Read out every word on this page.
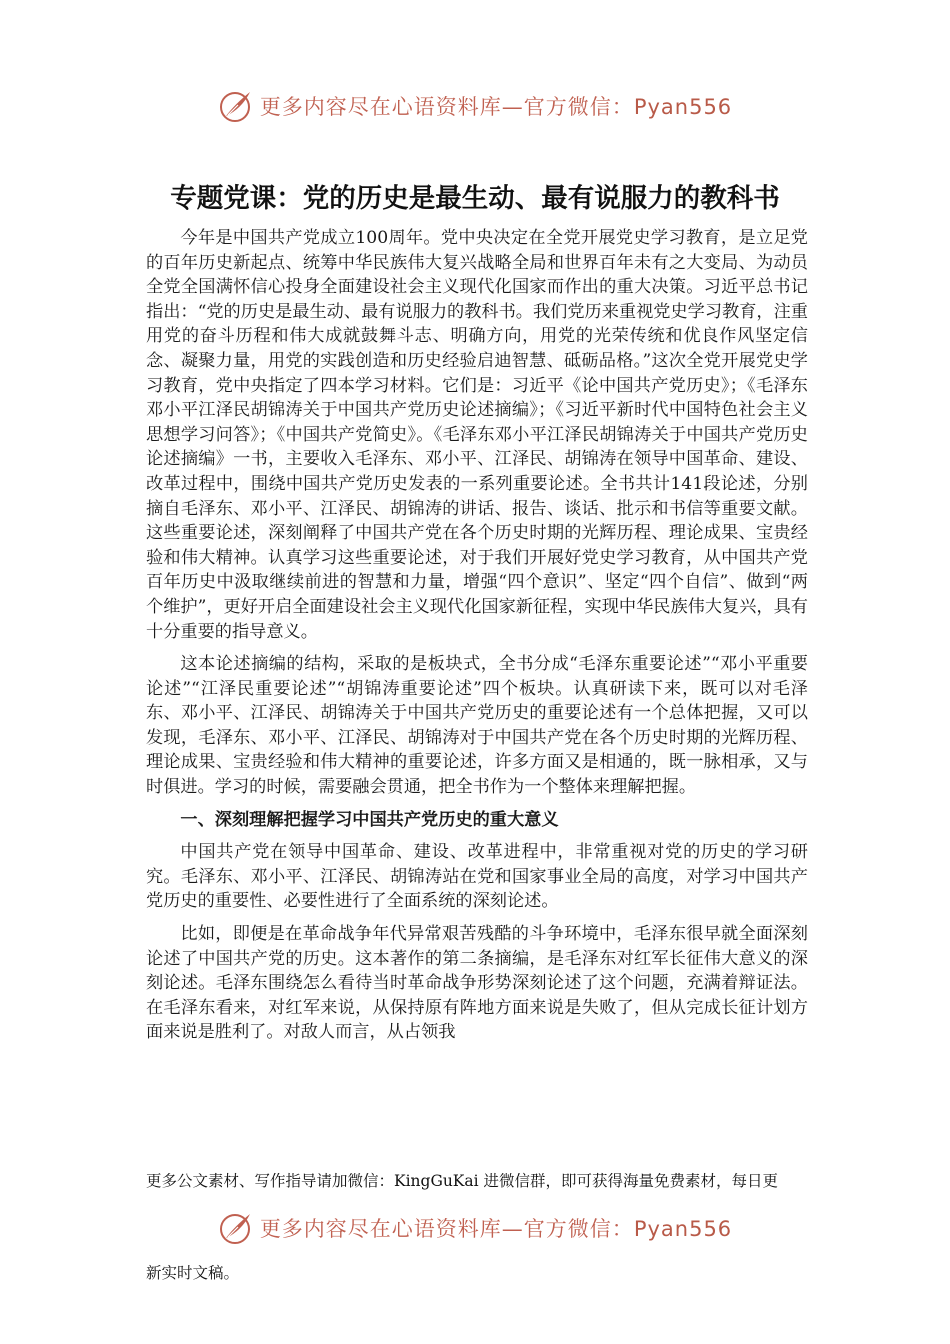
更多内容尽在心语资料库—官方微信：Pyan556
专题党课：党的历史是最生动、最有说服力的教科书

今年是中国共产党成立100周年。党中央决定在全党开展党史学习教育，是立足党的百年历史新起点、统筹中华民族伟大复兴战略全局和世界百年未有之大变局、为动员全党全国满怀信心投身全面建设社会主义现代化国家而作出的重大决策。习近平总书记指出：“党的历史是最生动、最有说服力的教科书。我们党历来重视党史学习教育，注重用党的奋斗历程和伟大成就鼓舞斗志、明确方向，用党的光荣传统和优良作风坚定信念、凝聚力量，用党的实践创造和历史经验启迪智慧、砥砺品格。”这次全党开展党史学习教育，党中央指定了四本学习材料。它们是：习近平《论中国共产党历史》；《毛泽东邓小平江泽民胡锦涛关于中国共产党历史论述摘编》；《习近平新时代中国特色社会主义思想学习问答》；《中国共产党简史》。《毛泽东邓小平江泽民胡锦涛关于中国共产党历史论述摘编》一书，主要收入毛泽东、邓小平、江泽民、胡锦涛在领导中国革命、建设、改革过程中，围绕中国共产党历史发表的一系列重要论述。全书共计141段论述，分别摘自毛泽东、邓小平、江泽民、胡锦涛的讲话、报告、谈话、批示和书信等重要文献。这些重要论述，深刻阐释了中国共产党在各个历史时期的光辉历程、理论成果、宝贵经验和伟大精神。认真学习这些重要论述，对于我们开展好党史学习教育，从中国共产党百年历史中汲取继续前进的智慧和力量，增强“四个意识”、坚定“四个自信”、做到“两个维护”，更好开启全面建设社会主义现代化国家新征程，实现中华民族伟大复兴，具有十分重要的指导意义。

这本论述摘编的结构，采取的是板块式，全书分成“毛泽东重要论述”“邓小平重要论述”“江泽民重要论述”“胡锦涛重要论述”四个板块。认真研读下来，既可以对毛泽东、邓小平、江泽民、胡锦涛关于中国共产党历史的重要论述有一个总体把握，又可以发现，毛泽东、邓小平、江泽民、胡锦涛对于中国共产党在各个历史时期的光辉历程、理论成果、宝贵经验和伟大精神的重要论述，许多方面又是相通的，既一脉相承，又与时俱进。学习的时候，需要融会贯通，把全书作为一个整体来理解把握。

一、深刻理解把握学习中国共产党历史的重大意义

中国共产党在领导中国革命、建设、改革进程中，非常重视对党的历史的学习研究。毛泽东、邓小平、江泽民、胡锦涛站在党和国家事业全局的高度，对学习中国共产党历史的重要性、必要性进行了全面系统的深刻论述。

比如，即便是在革命战争年代异常艰苦残酷的斗争环境中，毛泽东很早就全面深刻论述了中国共产党的历史。这本著作的第二条摘编，是毛泽东对红军长征伟大意义的深刻论述。毛泽东围绕怎么看待当时革命战争形势深刻论述了这个问题，充满着辩证法。在毛泽东看来，对红军来说，从保持原有阵地方面来说是失败了，但从完成长征计划方面来说是胜利了。对敌人而言，从占领我

更多公文素材、写作指导请加微信：KingGuKai 进微信群，即可获得海量免费素材，每日更
更多内容尽在心语资料库—官方微信：Pyan556
新实时文稿。
